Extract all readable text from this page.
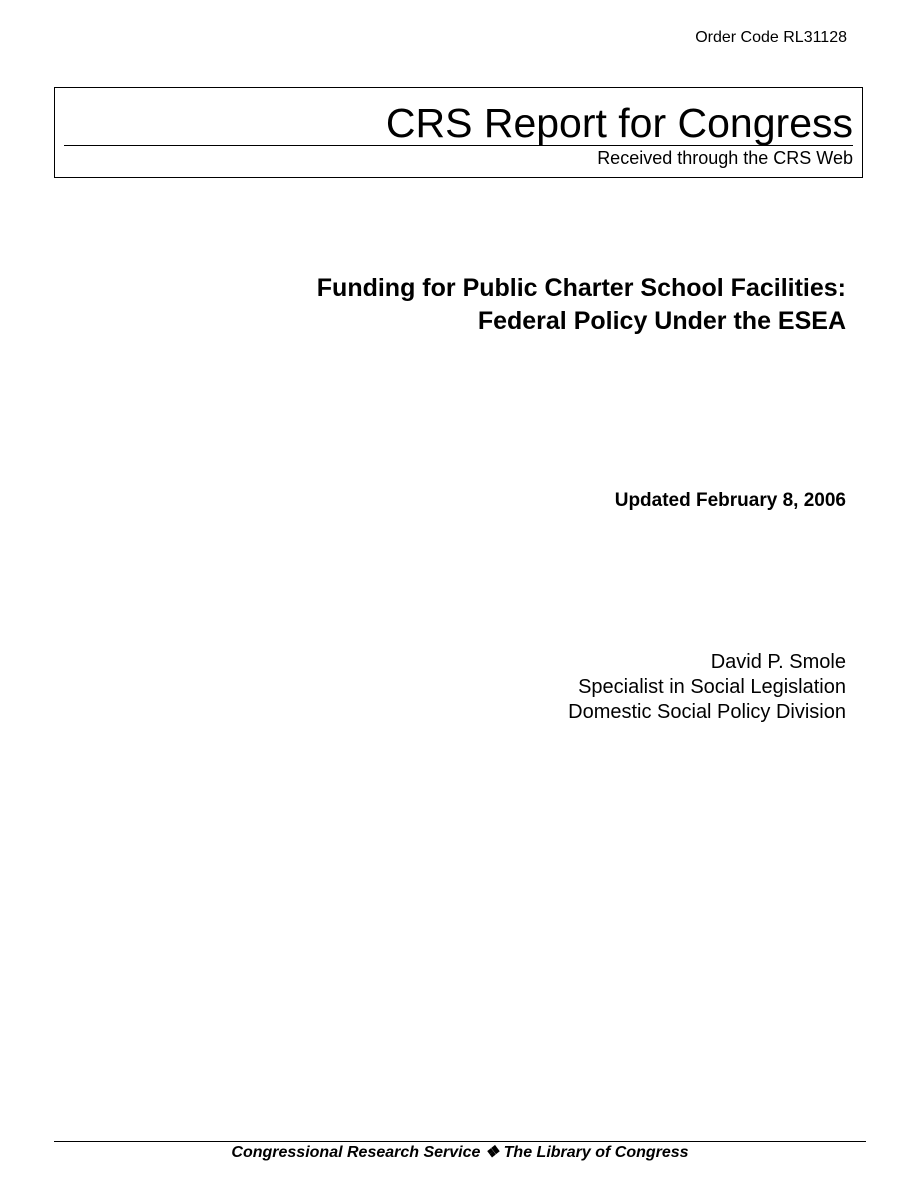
Order Code RL31128
CRS Report for Congress
Received through the CRS Web
Funding for Public Charter School Facilities:
Federal Policy Under the ESEA
Updated February 8, 2006
David P. Smole
Specialist in Social Legislation
Domestic Social Policy Division
Congressional Research Service ❖ The Library of Congress
